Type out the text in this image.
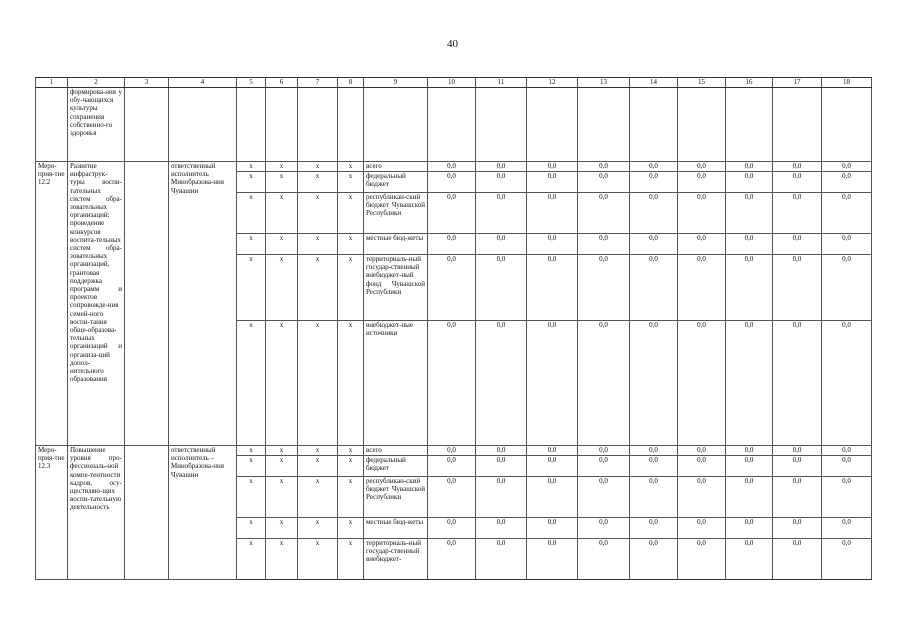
40
1	2	3	4	5	6	7	8	9	10	11	12	13	14	15	16	17	18
	формирова-ния у обу-чающихся культуры сохранения собственно-го здоровья																
Меро-прия-тие 12.2	Развитие инфраструк-туры воспи-тательных систем обра-зовательных организаций: проведение конкурсов воспита-тельных систем обра-зовательных организаций, грантовая поддержка программ и проектов сопровожде-ния семей-ного воспи-тания обще-образова-тельных организаций и организа-ций допол-нительного образования		ответственный исполнитель Минобразова-ния Чувашии	х	х	х	х	всего	0,0	0,0	0,0	0,0	0,0	0,0	0,0	0,0	0,0
				х	х	х	х	федеральный бюджет	0,0	0,0	0,0	0,0	0,0	0,0	0,0	0,0	0,0
				х	х	х	х	республикан-ский бюджет Чувашской Республики	0,0	0,0	0,0	0,0	0,0	0,0	0,0	0,0	0,0
				х	х	х	х	местные бюд-жеты	0,0	0,0	0,0	0,0	0,0	0,0	0,0	0,0	0,0
				х	х	х	х	территориаль-ный государ-ственный внебюджет-ный фонд Чувашской Республики	0,0	0,0	0,0	0,0	0,0	0,0	0,0	0,0	0,0
				х	х	х	х	внебюджет-ные источники	0,0	0,0	0,0	0,0	0,0	0,0	0,0	0,0	0,0
Меро-прия-тие 12.3	Повышение уровня про-фессиональ-ной компе-тентности кадров, осу-ществляю-щих воспи-тательную деятельность		ответственный исполнитель – Минобразова-ния Чувашии	х	х	х	х	всего	0,0	0,0	0,0	0,0	0,0	0,0	0,0	0,0	0,0
				х	х	х	х	федеральный бюджет	0,0	0,0	0,0	0,0	0,0	0,0	0,0	0,0	0,0
				х	х	х	х	республикан-ский бюджет Чувашской Республики	0,0	0,0	0,0	0,0	0,0	0,0	0,0	0,0	0,0
				х	х	х	х	местные бюд-жеты	0,0	0,0	0,0	0,0	0,0	0,0	0,0	0,0	0,0
				х	х	х	х	территориаль-ный государ-ственный внебюджет-	0,0	0,0	0,0	0,0	0,0	0,0	0,0	0,0	0,0
